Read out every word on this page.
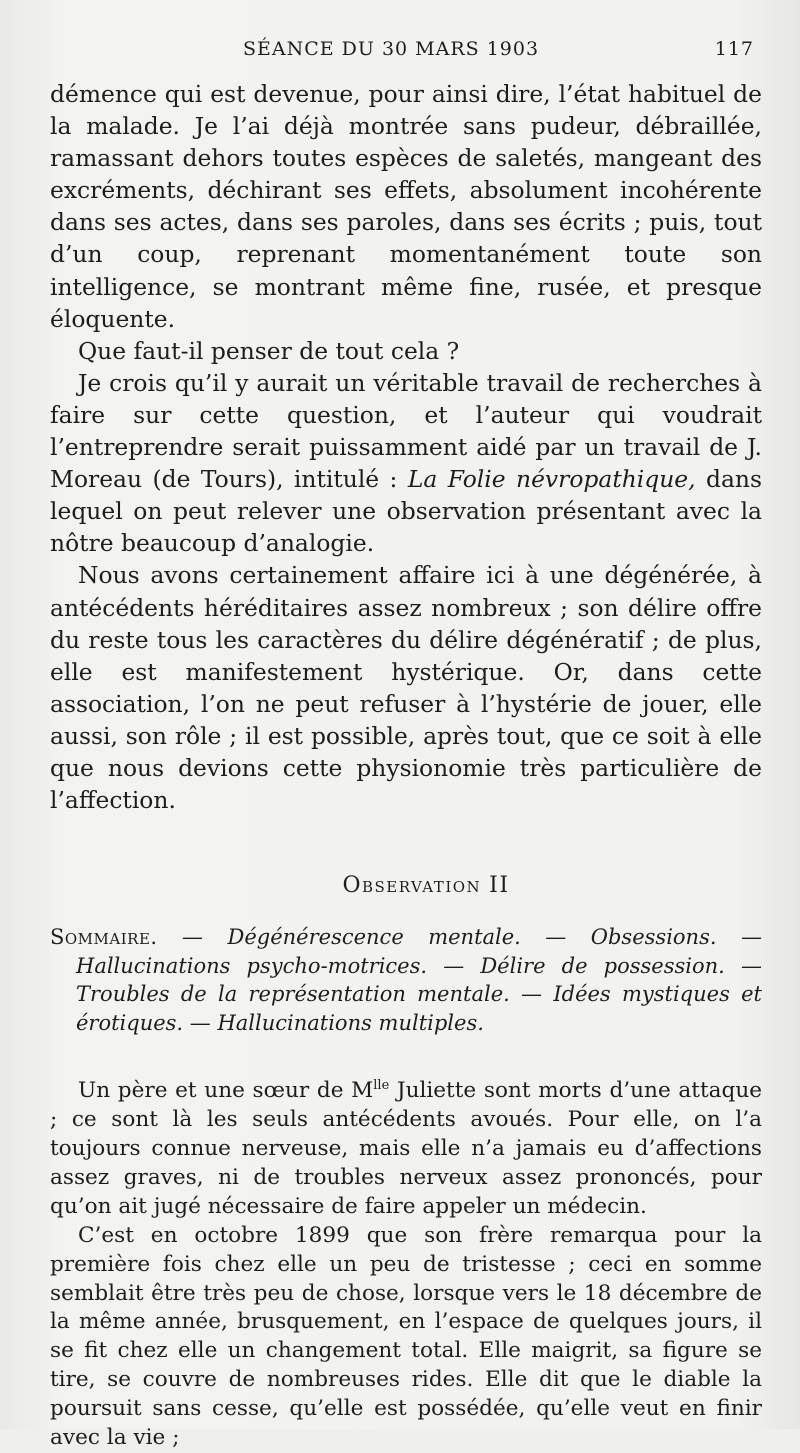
SÉANCE DU 30 MARS 1903	117

démence qui est devenue, pour ainsi dire, l’état habituel de la malade. Je l’ai déjà montrée sans pudeur, débraillée, ramassant dehors toutes espèces de saletés, mangeant des excréments, déchirant ses effets, absolument incohérente dans ses actes, dans ses paroles, dans ses écrits ; puis, tout d’un coup, reprenant momentanément toute son intelligence, se montrant même fine, rusée, et presque éloquente.

Que faut-il penser de tout cela ?

Je crois qu’il y aurait un véritable travail de recherches à faire sur cette question, et l’auteur qui voudrait l’entreprendre serait puissamment aidé par un travail de J. Moreau (de Tours), intitulé : La Folie névropathique, dans lequel on peut relever une observation présentant avec la nôtre beaucoup d’analogie.

Nous avons certainement affaire ici à une dégénérée, à antécédents héréditaires assez nombreux ; son délire offre du reste tous les caractères du délire dégénératif ; de plus, elle est manifestement hystérique. Or, dans cette association, l’on ne peut refuser à l’hystérie de jouer, elle aussi, son rôle ; il est possible, après tout, que ce soit à elle que nous devions cette physionomie très particulière de l’affection.

Observation II
Sommaire. — Dégénérescence mentale. — Obsessions. — Hallucinations psycho-motrices. — Délire de possession. — Troubles de la représentation mentale. — Idées mystiques et érotiques. — Hallucinations multiples.

Un père et une sœur de $M^{lle}$ Juliette sont morts d’une attaque ; ce sont là les seuls antécédents avoués. Pour elle, on l’a toujours connue nerveuse, mais elle n’a jamais eu d’affections assez graves, ni de troubles nerveux assez prononcés, pour qu’on ait jugé nécessaire de faire appeler un médecin.

C’est en octobre 1899 que son frère remarqua pour la première fois chez elle un peu de tristesse ; ceci en somme semblait être très peu de chose, lorsque vers le 18 décembre de la même année, brusquement, en l’espace de quelques jours, il se fit chez elle un changement total. Elle maigrit, sa figure se tire, se couvre de nombreuses rides. Elle dit que le diable la poursuit sans cesse, qu’elle est possédée, qu’elle veut en finir avec la vie ;
